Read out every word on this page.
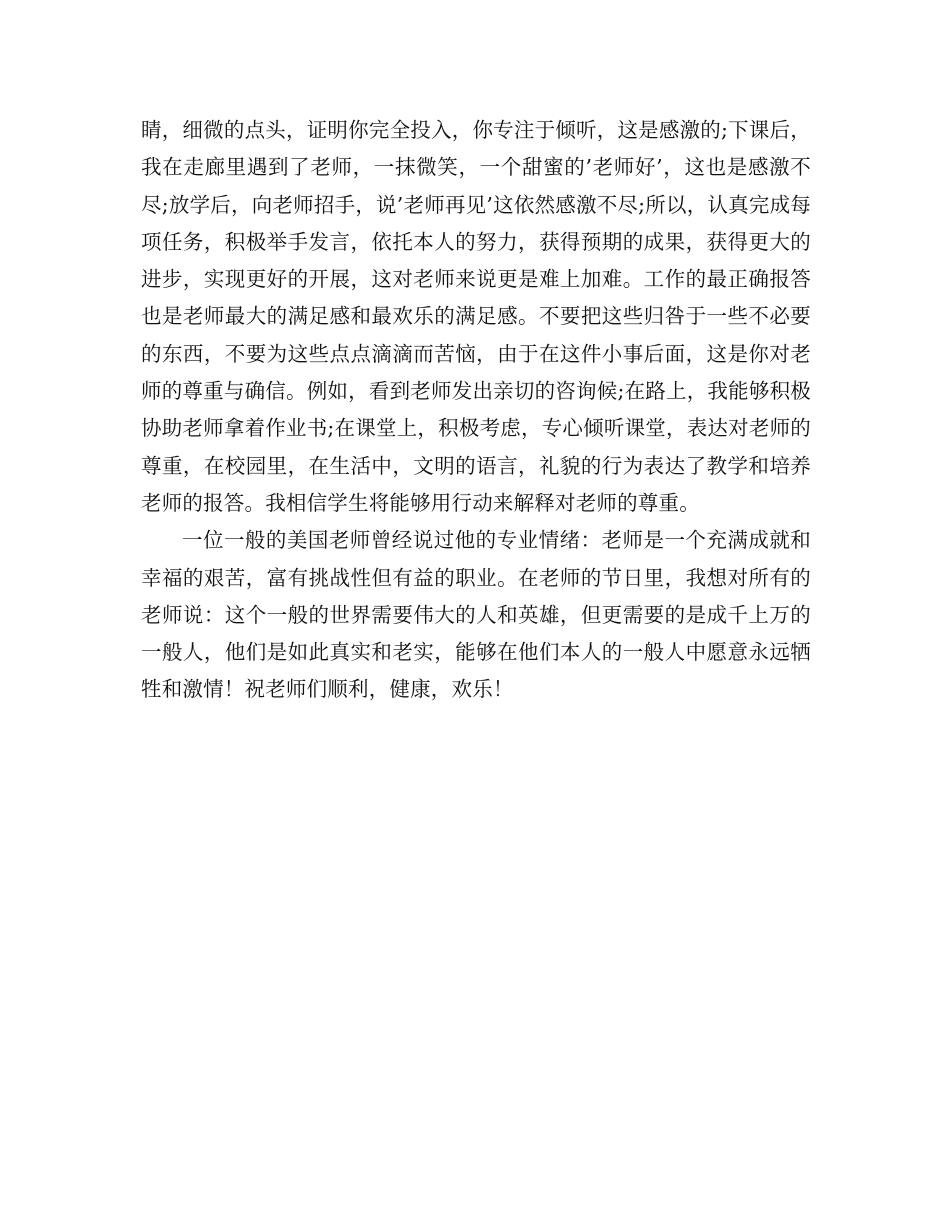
睛，细微的点头，证明你完全投入，你专注于倾听，这是感激的;下课后，我在走廊里遇到了老师，一抹微笑，一个甜蜜的’老师好’，这也是感激不尽;放学后，向老师招手，说’老师再见’这依然感激不尽;所以，认真完成每项任务，积极举手发言，依托本人的努力，获得预期的成果，获得更大的进步，实现更好的开展，这对老师来说更是难上加难。工作的最正确报答也是老师最大的满足感和最欢乐的满足感。不要把这些归咎于一些不必要的东西，不要为这些点点滴滴而苦恼，由于在这件小事后面，这是你对老师的尊重与确信。例如，看到老师发出亲切的咨询候;在路上，我能够积极协助老师拿着作业书;在课堂上，积极考虑，专心倾听课堂，表达对老师的尊重，在校园里，在生活中，文明的语言，礼貌的行为表达了教学和培养老师的报答。我相信学生将能够用行动来解释对老师的尊重。

一位一般的美国老师曾经说过他的专业情绪：老师是一个充满成就和幸福的艰苦，富有挑战性但有益的职业。在老师的节日里，我想对所有的老师说：这个一般的世界需要伟大的人和英雄，但更需要的是成千上万的一般人，他们是如此真实和老实，能够在他们本人的一般人中愿意永远牺牲和激情！祝老师们顺利，健康，欢乐！
